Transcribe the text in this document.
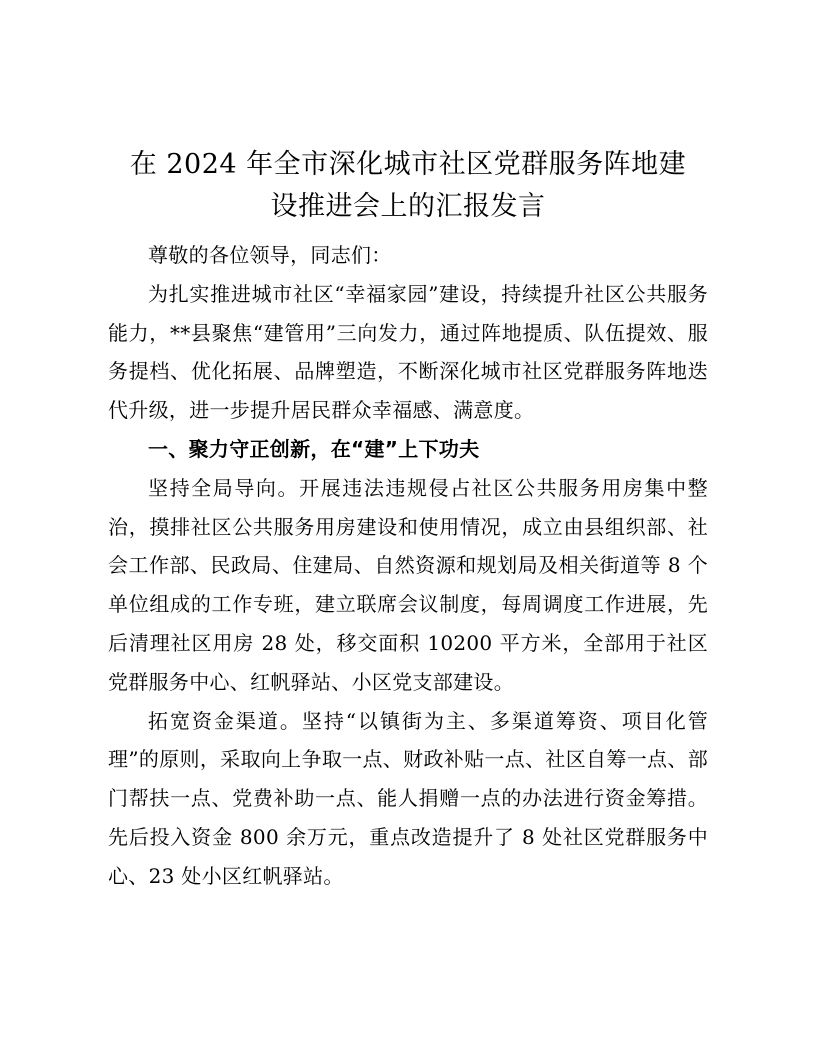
在 2024 年全市深化城市社区党群服务阵地建
设推进会上的汇报发言

尊敬的各位领导，同志们：

为扎实推进城市社区“幸福家园”建设，持续提升社区公共服务能力，**县聚焦“建管用”三向发力，通过阵地提质、队伍提效、服务提档、优化拓展、品牌塑造，不断深化城市社区党群服务阵地迭代升级，进一步提升居民群众幸福感、满意度。

一、聚力守正创新，在“建”上下功夫

坚持全局导向。开展违法违规侵占社区公共服务用房集中整治，摸排社区公共服务用房建设和使用情况，成立由县组织部、社会工作部、民政局、住建局、自然资源和规划局及相关街道等 8 个单位组成的工作专班，建立联席会议制度，每周调度工作进展，先后清理社区用房 28 处，移交面积 10200 平方米，全部用于社区党群服务中心、红帆驿站、小区党支部建设。

拓宽资金渠道。坚持“以镇街为主、多渠道筹资、项目化管理”的原则，采取向上争取一点、财政补贴一点、社区自筹一点、部门帮扶一点、党费补助一点、能人捐赠一点的办法进行资金筹措。先后投入资金 800 余万元，重点改造提升了 8 处社区党群服务中心、23 处小区红帆驿站。
